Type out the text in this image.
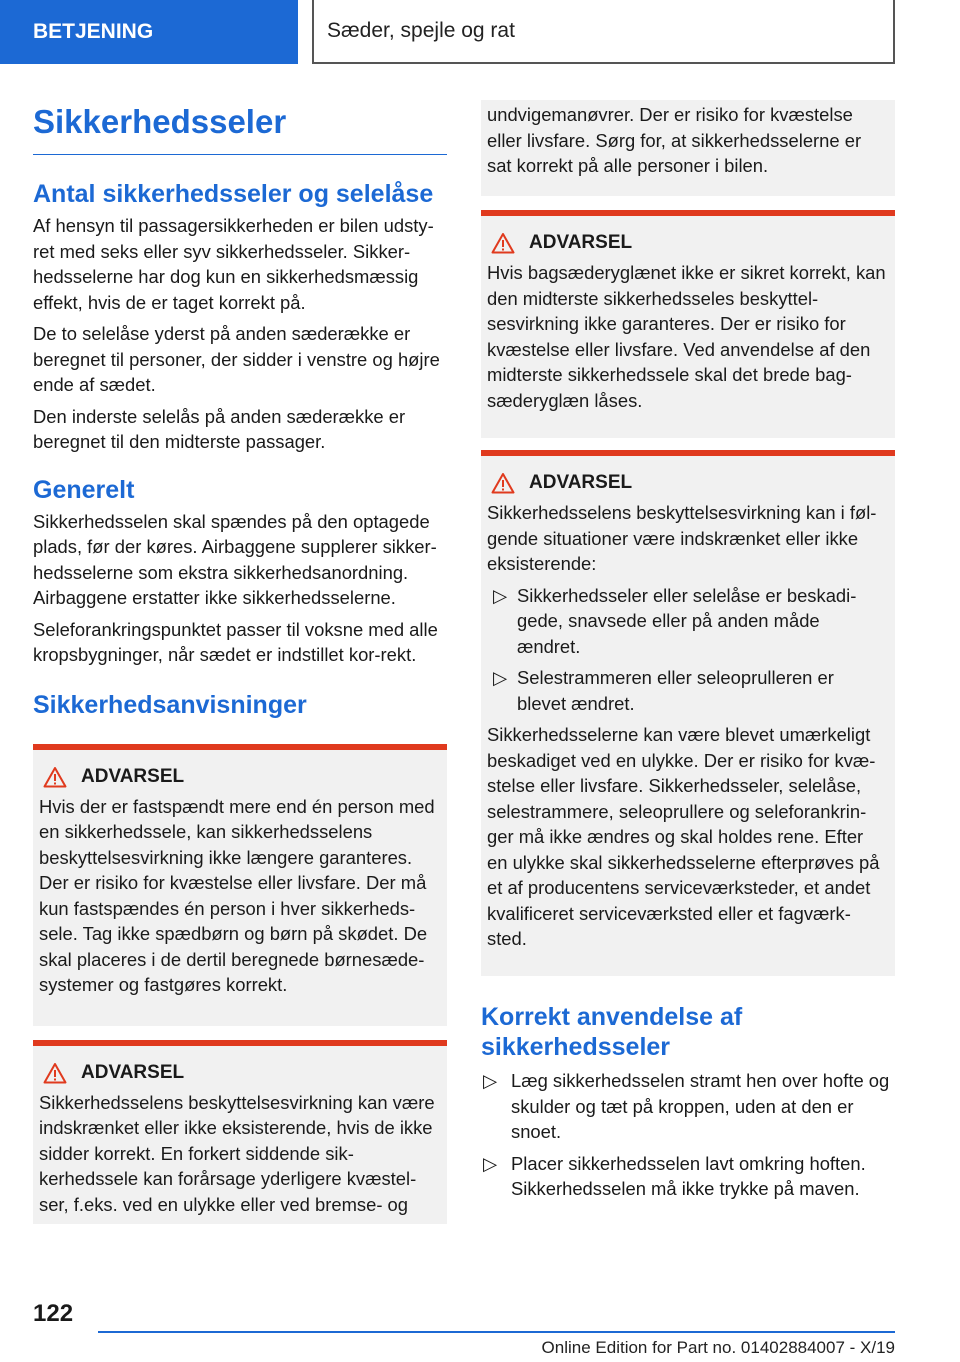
BETJENING	Sæder, spejle og rat
Sikkerhedsseler
Antal sikkerhedsseler og selelåse

Af hensyn til passagersikkerheden er bilen udsty-ret med seks eller syv sikkerhedsseler. Sikker-hedsselerne har dog kun en sikkerhedsmæssig effekt, hvis de er taget korrekt på.

De to selelåse yderst på anden sæderække er beregnet til personer, der sidder i venstre og højre ende af sædet.

Den inderste selelås på anden sæderække er beregnet til den midterste passager.

Generelt

Sikkerhedsselen skal spændes på den optagede plads, før der køres. Airbaggene supplerer sikker-hedsselerne som ekstra sikkerhedsanordning. Airbaggene erstatter ikke sikkerhedsselerne.

Seleforankringspunktet passer til voksne med alle kropsbygninger, når sædet er indstillet kor-rekt.

Sikkerhedsanvisninger
ADVARSEL

Hvis der er fastspændt mere end én person med en sikkerhedssele, kan sikkerhedsselens beskyttelsesvirkning ikke længere garanteres. Der er risiko for kvæstelse eller livsfare. Der må kun fastspændes én person i hver sikkerheds-sele. Tag ikke spædbørn og børn på skødet. De skal placeres i de dertil beregnede børnesæde-systemer og fastgøres korrekt.

ADVARSEL

Sikkerhedsselens beskyttelsesvirkning kan være indskrænket eller ikke eksisterende, hvis de ikke sidder korrekt. En forkert siddende sik-kerhedssele kan forårsage yderligere kvæstel-ser, f.eks. ved en ulykke eller ved bremse- og

undvigemanøvrer. Der er risiko for kvæstelse eller livsfare. Sørg for, at sikkerhedsselerne er sat korrekt på alle personer i bilen.

ADVARSEL

Hvis bagsæderyglænet ikke er sikret korrekt, kan den midterste sikkerhedsseles beskyttel-sesvirkning ikke garanteres. Der er risiko for kvæstelse eller livsfare. Ved anvendelse af den midterste sikkerhedssele skal det brede bag-sæderyglæn låses.

ADVARSEL

Sikkerhedsselens beskyttelsesvirkning kan i føl-gende situationer være indskrænket eller ikke eksisterende:

▷ Sikkerhedsseler eller selelåse er beskadi-gede, snavsede eller på anden måde ændret.
▷ Selestrammeren eller seleoprulleren er blevet ændret.

Sikkerhedsselerne kan være blevet umærkeligt beskadiget ved en ulykke. Der er risiko for kvæ-stelse eller livsfare. Sikkerhedsseler, selelåse, selestrammere, seleoprullere og seleforankrin-ger må ikke ændres og skal holdes rene. Efter en ulykke skal sikkerhedsselerne efterprøves på et af producentens serviceværksteder, et andet kvalificeret serviceværksted eller et fagværk-sted.

Korrekt anvendelse af sikkerhedsseler
▷ Læg sikkerhedsselen stramt hen over hofte og skulder og tæt på kroppen, uden at den er snoet.
▷ Placer sikkerhedsselen lavt omkring hoften. Sikkerhedsselen må ikke trykke på maven.
122
Online Edition for Part no. 01402884007 - X/19
